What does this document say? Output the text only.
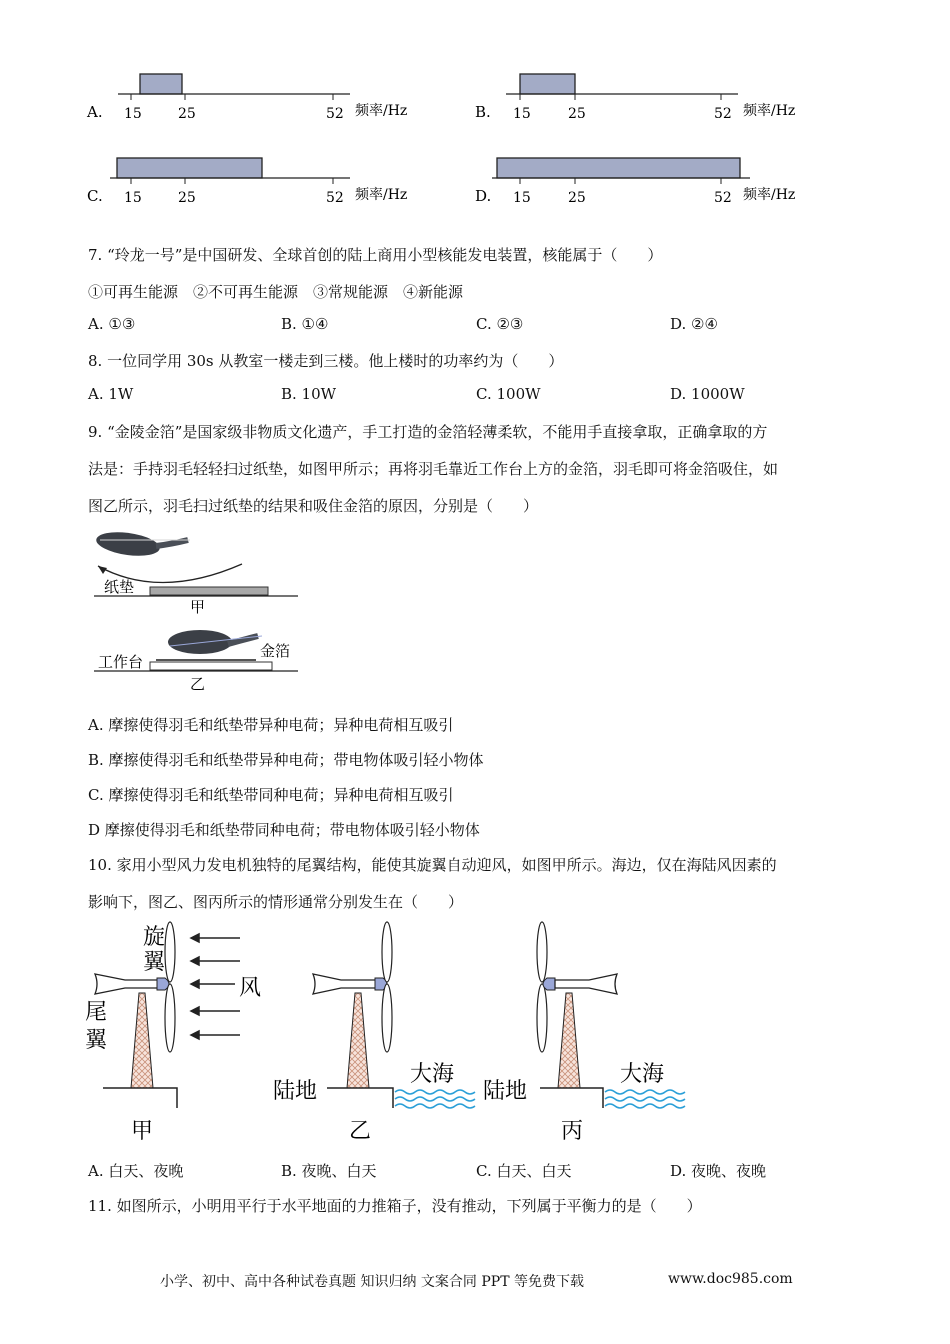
A. 15	25	52 频率/Hz	B. 15	25	52 频率/Hz
C. 15	25	52 频率/Hz	D. 15	25	52 频率/Hz
7. “玲龙一号”是中国研发、全球首创的陆上商用小型核能发电装置，核能属于（　　）
①可再生能源　②不可再生能源　③常规能源　④新能源
A. ①③	B. ①④	C. ②③	D. ②④
8. 一位同学用 30s 从教室一楼走到三楼。他上楼时的功率约为（　　）
A. 1W	B. 10W	C. 100W	D. 1000W
9. “金陵金箔”是国家级非物质文化遗产，手工打造的金箔轻薄柔软，不能用手直接拿取，正确拿取的方
法是：手持羽毛轻轻扫过纸垫，如图甲所示；再将羽毛靠近工作台上方的金箔，羽毛即可将金箔吸住，如
图乙所示，羽毛扫过纸垫的结果和吸住金箔的原因，分别是（　　）
纸垫
甲
工作台
金箔
乙
A. 摩擦使得羽毛和纸垫带异种电荷；异种电荷相互吸引
B. 摩擦使得羽毛和纸垫带异种电荷；带电物体吸引轻小物体
C. 摩擦使得羽毛和纸垫带同种电荷；异种电荷相互吸引
D 摩擦使得羽毛和纸垫带同种电荷；带电物体吸引轻小物体
10. 家用小型风力发电机独特的尾翼结构，能使其旋翼自动迎风，如图甲所示。海边，仅在海陆风因素的
影响下，图乙、图丙所示的情形通常分别发生在（　　）
旋
翼
尾
翼
风
甲
陆地
大海
乙
陆地
大海
丙
A. 白天、夜晚	B. 夜晚、白天	C. 白天、白天	D. 夜晚、夜晚
11. 如图所示，小明用平行于水平地面的力推箱子，没有推动，下列属于平衡力的是（　　）
小学、初中、高中各种试卷真题 知识归纳 文案合同 PPT 等免费下载	www.doc985.com
